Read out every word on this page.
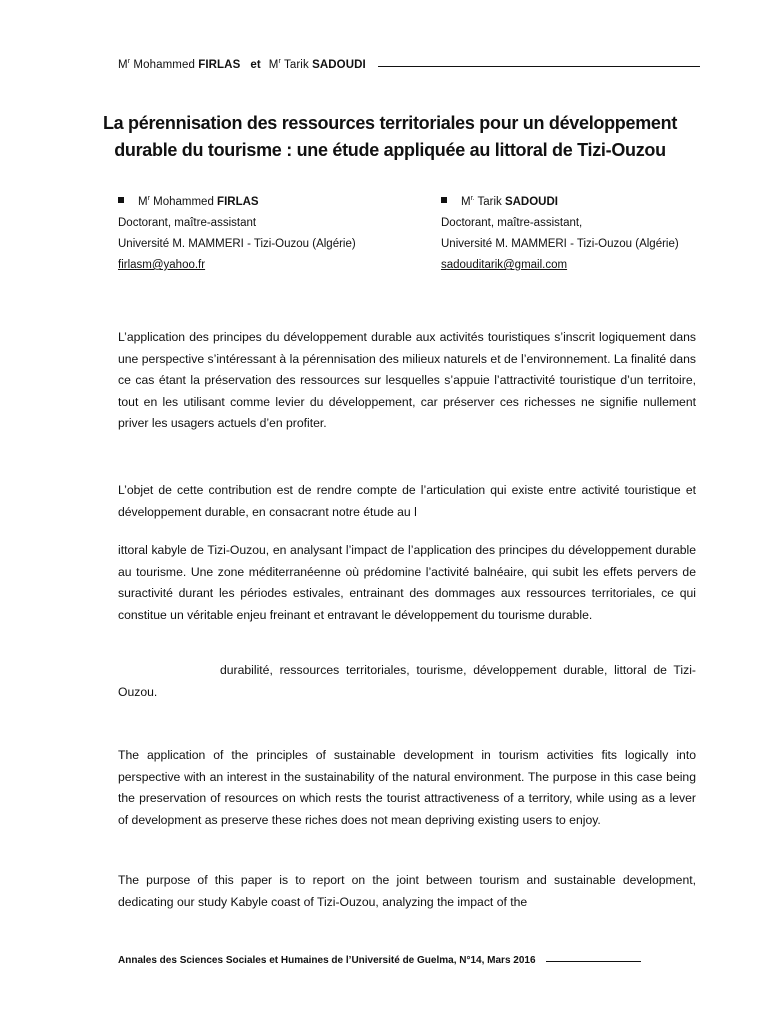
$M^r$ Mohammed FIRLAS et $M^r$ Tarik SADOUDI
La pérennisation des ressources territoriales pour un développement
durable du tourisme : une étude appliquée au littoral de Tizi-Ouzou
$M^r$ Mohammed FIRLAS
Doctorant, maître-assistant
Université M. MAMMERI - Tizi-Ouzou (Algérie)
firlasm@yahoo.fr
$M^{r.}$ Tarik SADOUDI
Doctorant, maître-assistant,
Université M. MAMMERI - Tizi-Ouzou (Algérie)
sadouditarik@gmail.com

L’application des principes du développement durable aux activités touristiques s’inscrit logiquement dans une perspective s’intéressant à la pérennisation des milieux naturels et de l’environnement. La finalité dans ce cas étant la préservation des ressources sur lesquelles s’appuie l’attractivité touristique d’un territoire, tout en les utilisant comme levier du développement, car préserver ces richesses ne signifie nullement priver les usagers actuels d’en profiter.

L’objet de cette contribution est de rendre compte de l’articulation qui existe entre activité touristique et développement durable, en consacrant notre étude au l

ittoral kabyle de Tizi-Ouzou, en analysant l’impact de l’application des principes du développement durable au tourisme. Une zone méditerranéenne où prédomine l’activité balnéaire, qui subit les effets pervers de suractivité durant les périodes estivales, entrainant des dommages aux ressources territoriales, ce qui constitue un véritable enjeu freinant et entravant le développement du tourisme durable.

durabilité, ressources territoriales, tourisme, développement durable, littoral de Tizi-Ouzou.

The application of the principles of sustainable development in tourism activities fits logically into perspective with an interest in the sustainability of the natural environment. The purpose in this case being the preservation of resources on which rests the tourist attractiveness of a territory, while using as a lever of development as preserve these riches does not mean depriving existing users to enjoy.

The purpose of this paper is to report on the joint between tourism and sustainable development, dedicating our study Kabyle coast of Tizi-Ouzou, analyzing the impact of the

Annales des Sciences Sociales et Humaines de l’Université de Guelma, N°14, Mars 2016
